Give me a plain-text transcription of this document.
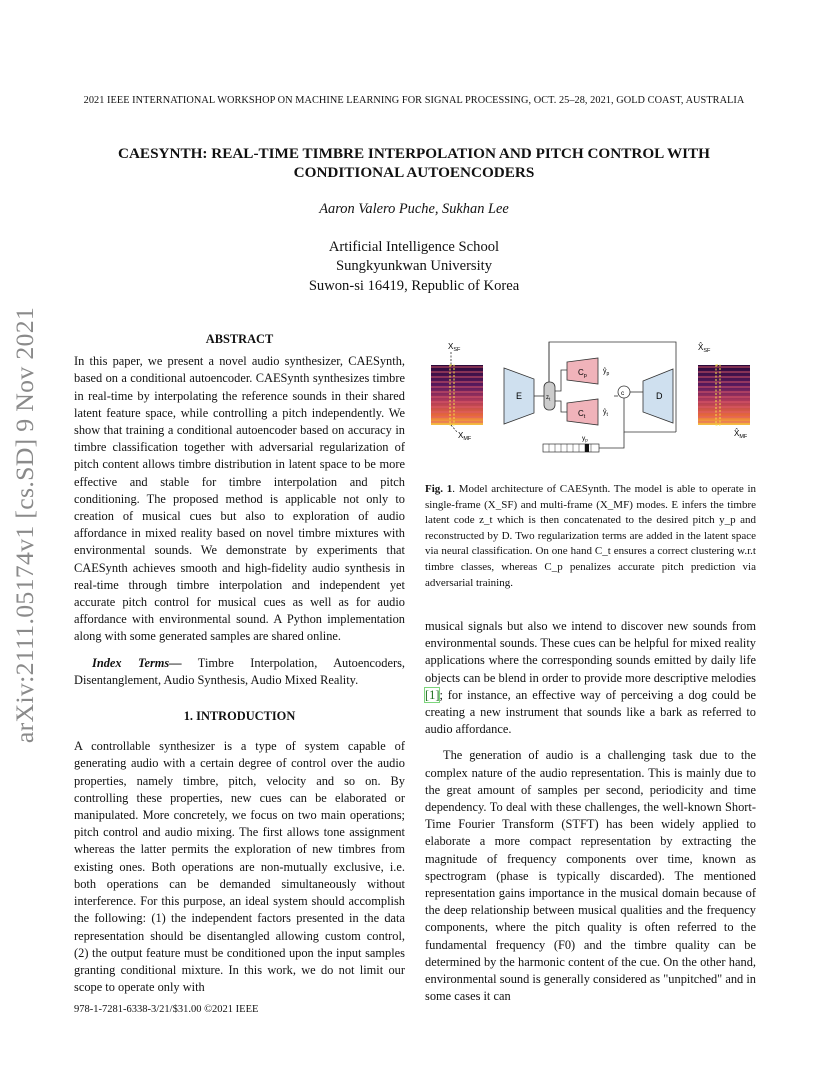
2021 IEEE INTERNATIONAL WORKSHOP ON MACHINE LEARNING FOR SIGNAL PROCESSING, OCT. 25–28, 2021, GOLD COAST, AUSTRALIA
CAESYNTH: REAL-TIME TIMBRE INTERPOLATION AND PITCH CONTROL WITH
CONDITIONAL AUTOENCODERS
Aaron Valero Puche, Sukhan Lee
Artificial Intelligence School
Sungkyunkwan University
Suwon-si 16419, Republic of Korea
arXiv:2111.05174v1 [cs.SD] 9 Nov 2021	ABSTRACT

In this paper, we present a novel audio synthesizer, CAESynth, based on a conditional autoencoder. CAESynth synthesizes timbre in real-time by interpolating the reference sounds in their shared latent feature space, while controlling a pitch independently. We show that training a conditional autoencoder based on accuracy in timbre classification together with adversarial regularization of pitch content allows timbre distribution in latent space to be more effective and stable for timbre interpolation and pitch conditioning. The proposed method is applicable not only to creation of musical cues but also to exploration of audio affordance in mixed reality based on novel timbre mixtures with environmental sounds. We demonstrate by experiments that CAESynth achieves smooth and high-fidelity audio synthesis in real-time through timbre interpolation and independent yet accurate pitch control for musical cues as well as for audio affordance with environmental sound. A Python implementation along with some generated samples are shared online.

Index Terms— Timbre Interpolation, Autoencoders, Disentanglement, Audio Synthesis, Audio Mixed Reality.

1. INTRODUCTION

A controllable synthesizer is a type of system capable of generating audio with a certain degree of control over the audio properties, namely timbre, pitch, velocity and so on. By controlling these properties, new cues can be elaborated or manipulated. More concretely, we focus on two main operations; pitch control and audio mixing. The first allows tone assignment whereas the latter permits the exploration of new timbres from existing ones. Both operations are non-mutually exclusive, i.e. both operations can be demanded simultaneously without interference. For this purpose, an ideal system should accomplish the following: (1) the independent factors presented in the data representation should be disentangled allowing custom control, (2) the output feature must be conditioned upon the input samples granting conditional mixture. In this work, we do not limit our scope to operate only with

$X_{SF}$
$X_{MF}$
E	$z_t$
$C_p$
$ŷ_p$
$C_t$
$ŷ_t$
c	D
$X̂_{SF}$
$X̂_{MF}$
$y_p$
Fig. 1. Model architecture of CAESynth. The model is able to operate in single-frame (X_SF) and multi-frame (X_MF) modes. E infers the timbre latent code z_t which is then concatenated to the desired pitch y_p and reconstructed by D. Two regularization terms are added in the latent space via neural classification. On one hand C_t ensures a correct clustering w.r.t timbre classes, whereas C_p penalizes accurate pitch prediction via adversarial training.

musical signals but also we intend to discover new sounds from environmental sounds. These cues can be helpful for mixed reality applications where the corresponding sounds emitted by daily life objects can be blend in order to provide more descriptive melodies [1]; for instance, an effective way of perceiving a dog could be creating a new instrument that sounds like a bark as referred to audio affordance.

The generation of audio is a challenging task due to the complex nature of the audio representation. This is mainly due to the great amount of samples per second, periodicity and time dependency. To deal with these challenges, the well-known Short-Time Fourier Transform (STFT) has been widely applied to elaborate a more compact representation by extracting the magnitude of frequency components over time, known as spectrogram (phase is typically discarded). The mentioned representation gains importance in the musical domain because of the deep relationship between musical qualities and the frequency components, where the pitch quality is often referred to the fundamental frequency (F0) and the timbre quality can be determined by the harmonic content of the cue. On the other hand, environmental sound is generally considered as "unpitched" and in some cases it can

978-1-7281-6338-3/21/$31.00 ©2021 IEEE
